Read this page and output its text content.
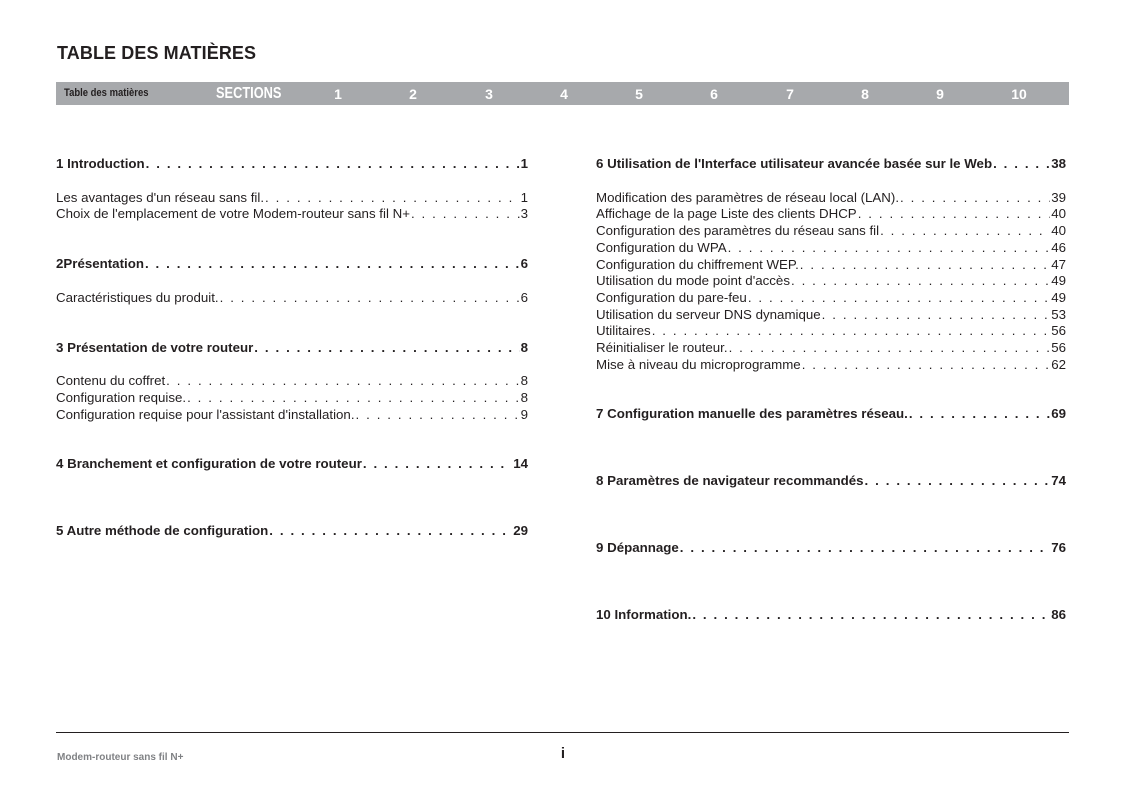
TABLE DES MATIÈRES
Table des matières	SECTIONS	1	2	3	4	5	6	7	8	9	10
1 Introduction . . .	1
Les avantages d'un réseau sans fil. . . .	1
Choix de l'emplacement de votre Modem-routeur sans fil N+ . . .	3
2Présentation . . .	6
Caractéristiques du produit. . . .	6
3 Présentation de votre routeur . . .	8
Contenu du coffret . . .	8
Configuration requise. . . .	8
Configuration requise pour l'assistant d'installation. . . .	9
4 Branchement et configuration de votre routeur . . .	14
5 Autre méthode de configuration . . .	29
6 Utilisation de l'Interface utilisateur avancée basée sur le Web . . .	38
Modification des paramètres de réseau local (LAN). . . .	39
Affichage de la page Liste des clients DHCP . . .	40
Configuration des paramètres du réseau sans fil . . .	40
Configuration du WPA . . .	46
Configuration du chiffrement WEP. . . .	47
Utilisation du mode point d'accès . . .	49
Configuration du pare-feu . . .	49
Utilisation du serveur DNS dynamique . . .	53
Utilitaires . . .	56
Réinitialiser le routeur. . . .	56
Mise à niveau du microprogramme . . .	62
7 Configuration manuelle des paramètres réseau. . . .	69
8 Paramètres de navigateur recommandés . . .	74
9 Dépannage . . .	76
10 Information. . . .	86
Modem-routeur sans fil N+	i
